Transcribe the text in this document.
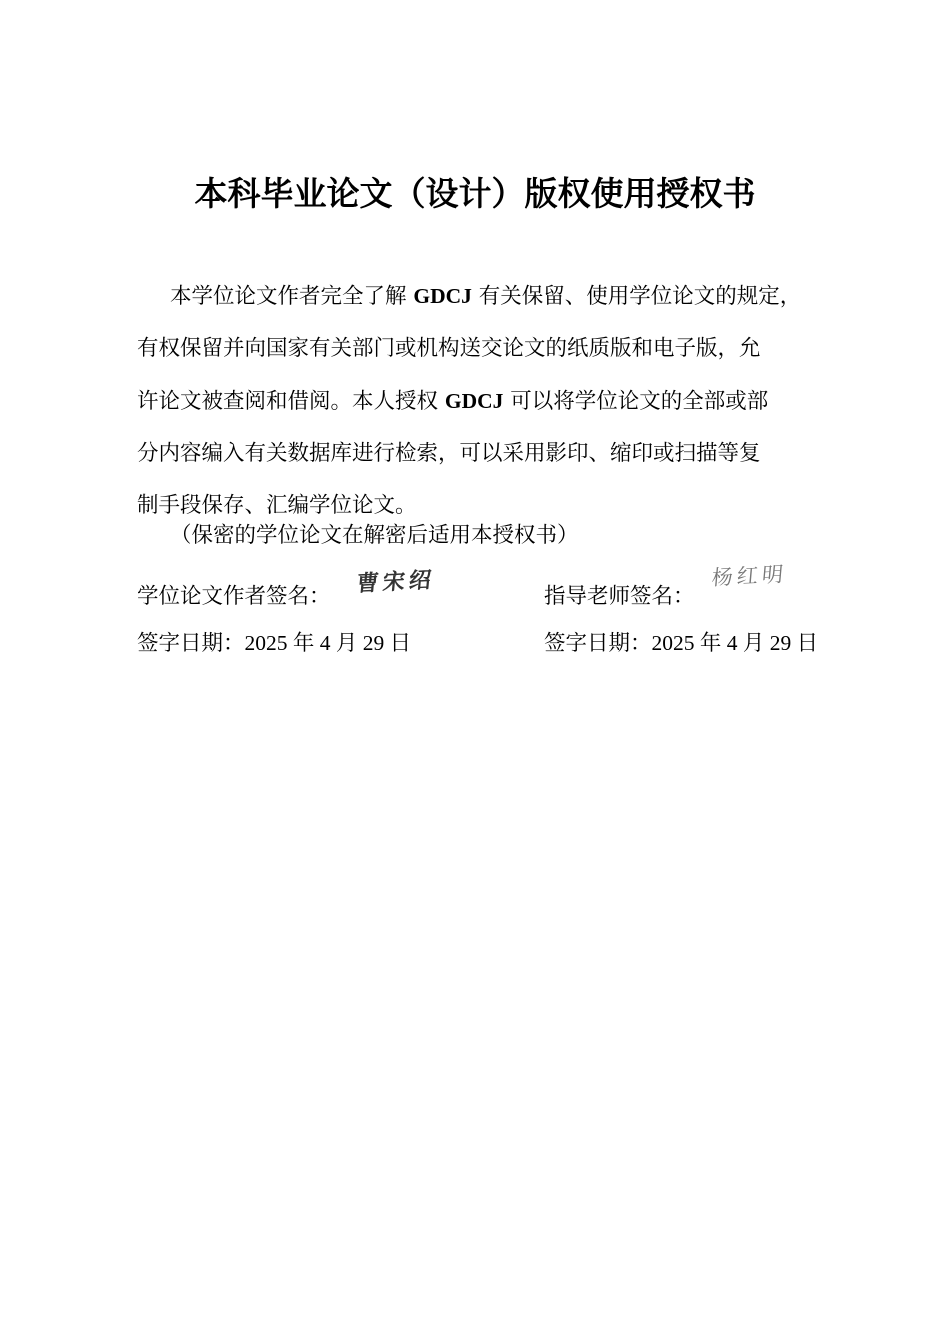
本科毕业论文（设计）版权使用授权书
本学位论文作者完全了解 GDCJ 有关保留、使用学位论文的规定，
有权保留并向国家有关部门或机构送交论文的纸质版和电子版，允
许论文被查阅和借阅。本人授权 GDCJ 可以将学位论文的全部或部
分内容编入有关数据库进行检索，可以采用影印、缩印或扫描等复
制手段保存、汇编学位论文。
（保密的学位论文在解密后适用本授权书）
学位论文作者签名： 曹宋绍	指导老师签名：
杨红明
签字日期：2025 年 4 月 29 日	签字日期：2025 年 4 月 29 日
